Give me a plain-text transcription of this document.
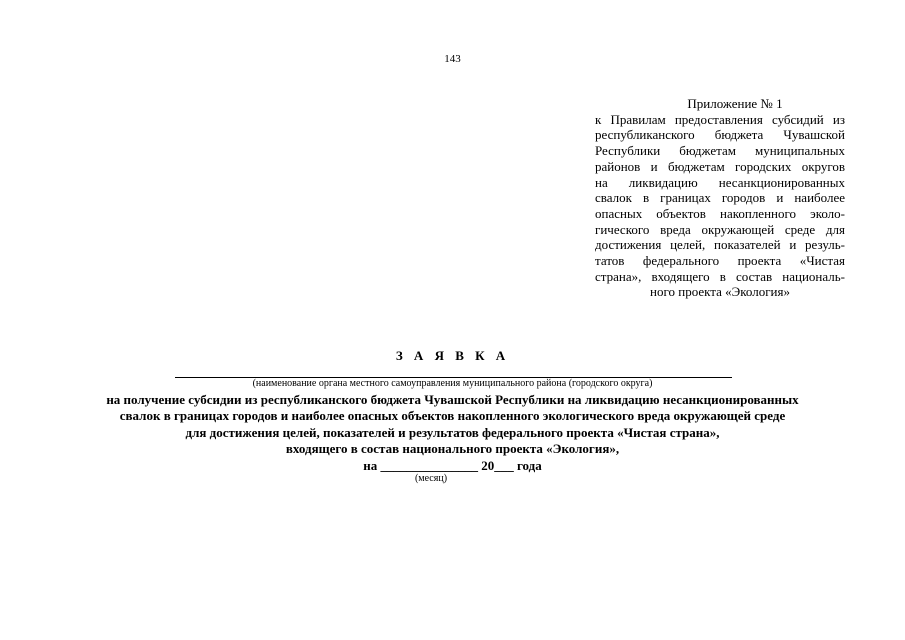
143
Приложение № 1
к Правилам предоставления субсидий из
республиканского бюджета Чувашской
Республики бюджетам муниципальных
районов и бюджетам городских округов
на ликвидацию несанкционированных
свалок в границах городов и наиболее
опасных объектов накопленного эколо-
гического вреда окружающей среде для
достижения целей, показателей и резуль-
татов федерального проекта «Чистая
страна», входящего в состав националь-
ного проекта «Экология»
З А Я В К А
(наименование органа местного самоуправления муниципального района (городского округа)
на получение субсидии из республиканского бюджета Чувашской Республики на ликвидацию несанкционированных
свалок в границах городов и наиболее опасных объектов накопленного экологического вреда окружающей среде
для достижения целей, показателей и результатов федерального проекта «Чистая страна»,
входящего в состав национального проекта «Экология»,
на _______________ 20___ года
(месяц)
